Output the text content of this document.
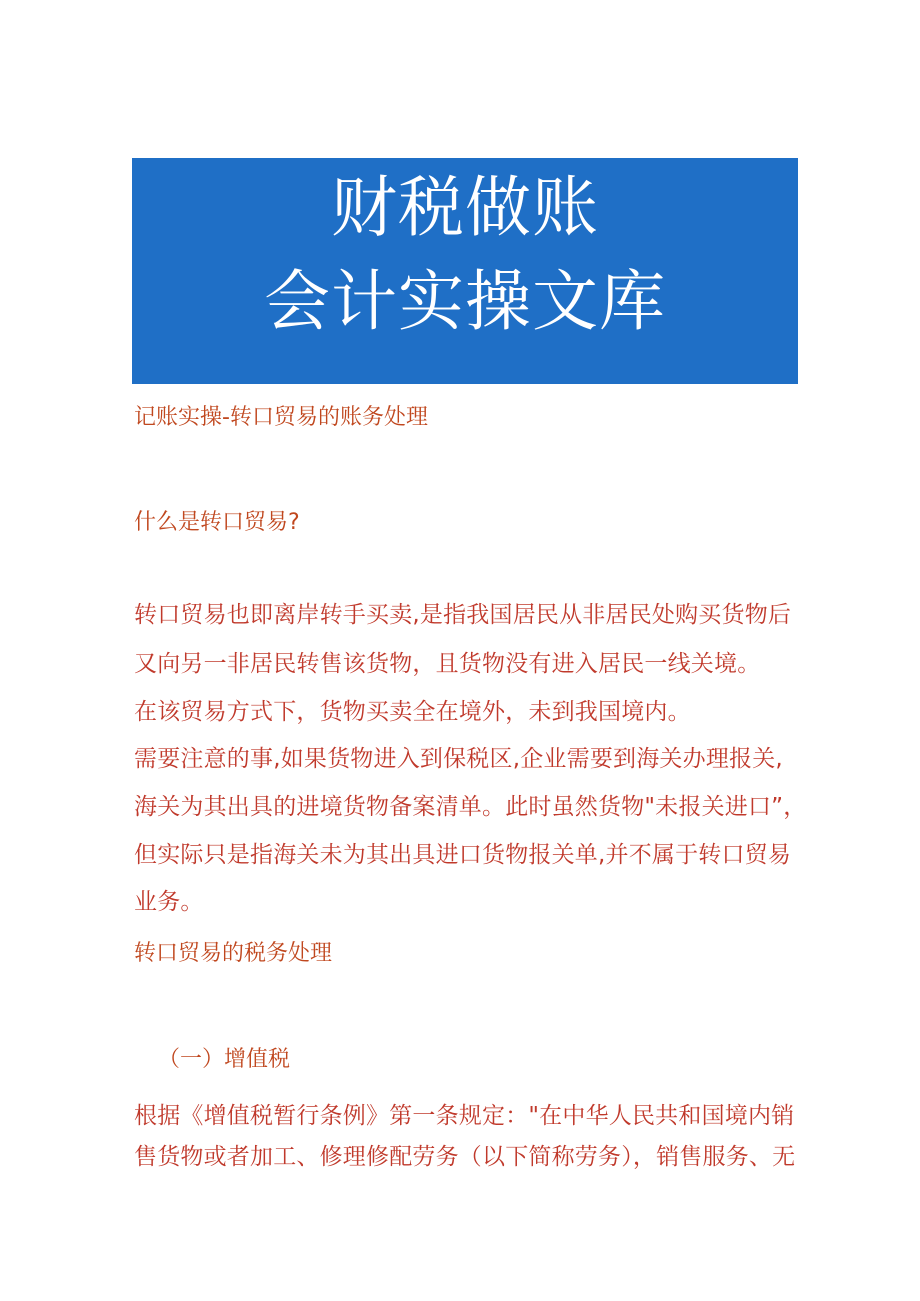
财税做账
会计实操文库
记账实操-转口贸易的账务处理
什么是转口贸易?
转口贸易也即离岸转手买卖,是指我国居民从非居民处购买货物后
又向另一非居民转售该货物，且货物没有进入居民一线关境。
在该贸易方式下，货物买卖全在境外，未到我国境内。
需要注意的事,如果货物进入到保税区,企业需要到海关办理报关,
海关为其出具的进境货物备案清单。此时虽然货物"未报关进口”，
但实际只是指海关未为其出具进口货物报关单,并不属于转口贸易
业务。
转口贸易的税务处理
（一）增值税
根据《增值税暂行条例》第一条规定："在中华人民共和国境内销
售货物或者加工、修理修配劳务（以下简称劳务），销售服务、无
